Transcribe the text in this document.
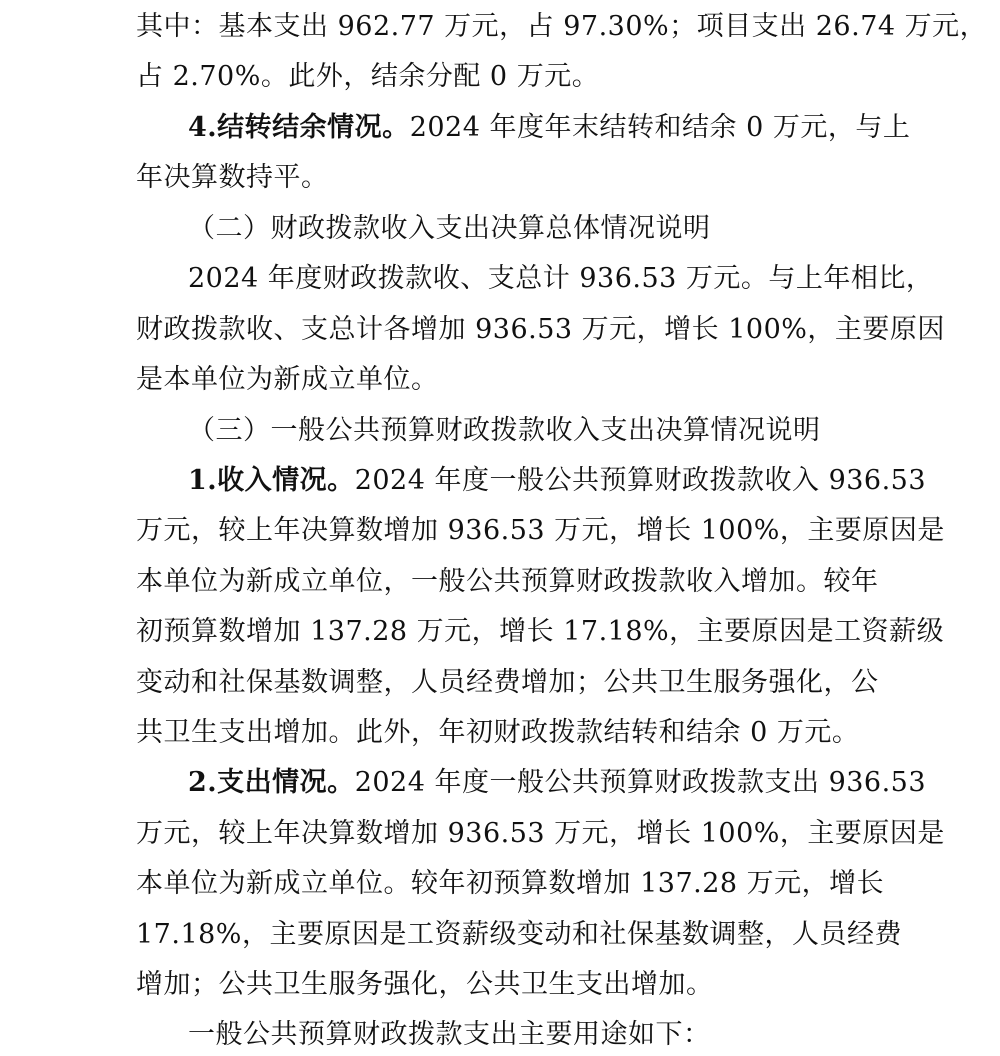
其中：基本支出 962.77 万元，占 97.30%；项目支出 26.74 万元，
占 2.70%。此外，结余分配 0 万元。
4.结转结余情况。2024 年度年末结转和结余 0 万元，与上
年决算数持平。
（二）财政拨款收入支出决算总体情况说明
2024 年度财政拨款收、支总计 936.53 万元。与上年相比，
财政拨款收、支总计各增加 936.53 万元，增长 100%，主要原因
是本单位为新成立单位。
（三）一般公共预算财政拨款收入支出决算情况说明
1.收入情况。2024 年度一般公共预算财政拨款收入 936.53
万元，较上年决算数增加 936.53 万元，增长 100%，主要原因是
本单位为新成立单位，一般公共预算财政拨款收入增加。较年
初预算数增加 137.28 万元，增长 17.18%，主要原因是工资薪级
变动和社保基数调整，人员经费增加；公共卫生服务强化，公
共卫生支出增加。此外，年初财政拨款结转和结余 0 万元。
2.支出情况。2024 年度一般公共预算财政拨款支出 936.53
万元，较上年决算数增加 936.53 万元，增长 100%，主要原因是
本单位为新成立单位。较年初预算数增加 137.28 万元，增长
17.18%，主要原因是工资薪级变动和社保基数调整，人员经费
增加；公共卫生服务强化，公共卫生支出增加。
一般公共预算财政拨款支出主要用途如下：
